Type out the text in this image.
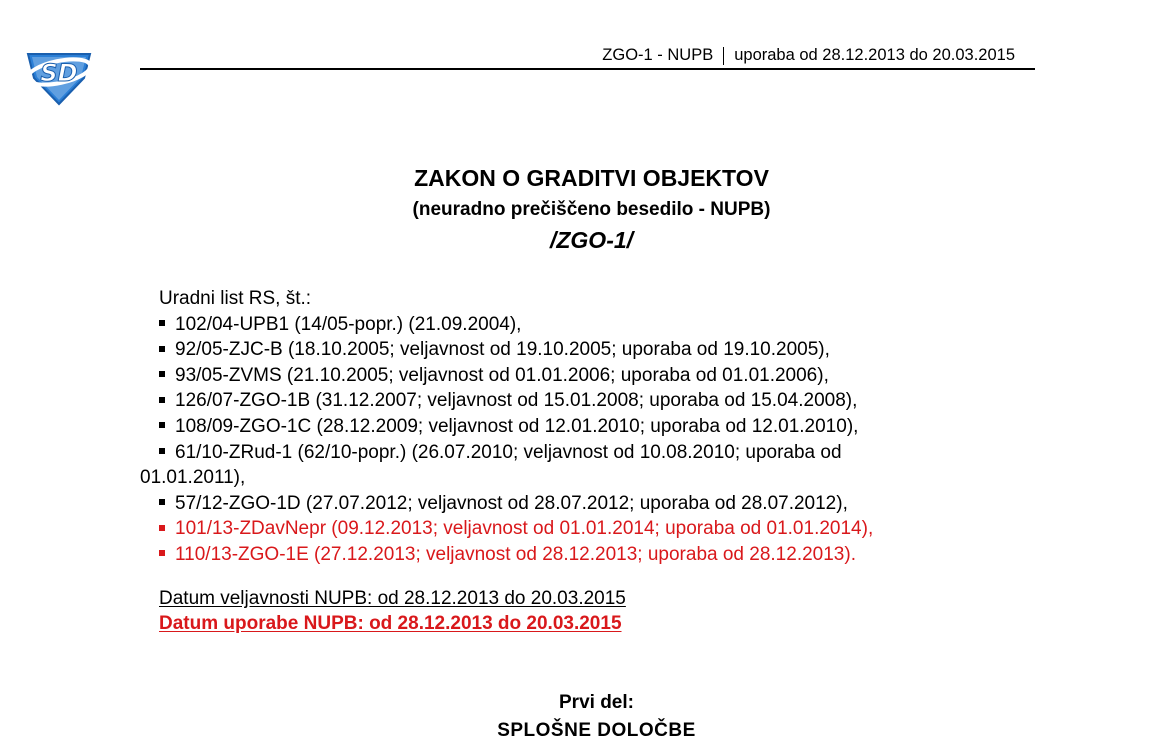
SD
ZGO-1 - NUPB uporaba od 28.12.2013 do 20.03.2015
ZAKON O GRADITVI OBJEKTOV
(neuradno prečiščeno besedilo - NUPB)
/ZGO-1/
Uradni list RS, št.:
102/04-UPB1 (14/05-popr.) (21.09.2004),
92/05-ZJC-B (18.10.2005; veljavnost od 19.10.2005; uporaba od 19.10.2005),
93/05-ZVMS (21.10.2005; veljavnost od 01.01.2006; uporaba od 01.01.2006),
126/07-ZGO-1B (31.12.2007; veljavnost od 15.01.2008; uporaba od 15.04.2008),
108/09-ZGO-1C (28.12.2009; veljavnost od 12.01.2010; uporaba od 12.01.2010),
61/10-ZRud-1 (62/10-popr.) (26.07.2010; veljavnost od 10.08.2010; uporaba od
01.01.2011),
57/12-ZGO-1D (27.07.2012; veljavnost od 28.07.2012; uporaba od 28.07.2012),
101/13-ZDavNepr (09.12.2013; veljavnost od 01.01.2014; uporaba od 01.01.2014),
110/13-ZGO-1E (27.12.2013; veljavnost od 28.12.2013; uporaba od 28.12.2013).
Datum veljavnosti NUPB: od 28.12.2013 do 20.03.2015
Datum uporabe NUPB: od 28.12.2013 do 20.03.2015
Prvi del:
SPLOŠNE DOLOČBE
